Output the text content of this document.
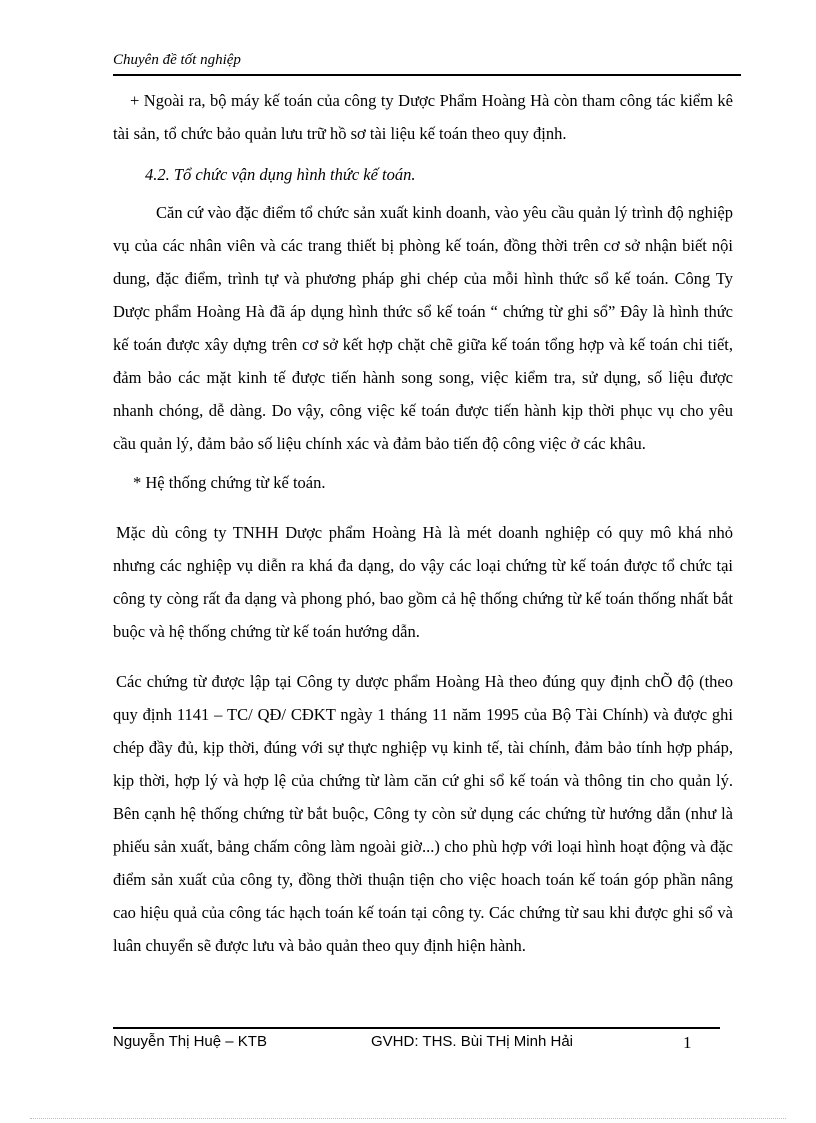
Chuyên đề tốt nghiệp

+ Ngoài ra, bộ máy kế toán của công ty Dược Phẩm Hoàng Hà còn tham công tác kiểm kê tài sản, tổ chức bảo quản lưu trữ hồ sơ tài liệu kế toán theo quy định.

4.2. Tổ chức vận dụng hình thức kế toán.

Căn cứ vào đặc điểm tổ chức sản xuất kinh doanh, vào yêu cầu quản lý trình độ nghiệp vụ của các nhân viên và các trang thiết bị phòng kế toán, đồng thời trên cơ sở nhận biết nội dung, đặc điểm, trình tự và phương pháp ghi chép của mỗi hình thức sổ kế toán. Công Ty Dược phẩm Hoàng Hà đã áp dụng hình thức sổ kế toán “ chứng từ ghi sổ” Đây là hình thức kế toán được xây dựng trên cơ sở kết hợp chặt chẽ giữa kế toán tổng hợp và kế toán chi tiết, đảm bảo các mặt kinh tế được tiến hành song song, việc kiểm tra, sử dụng, số liệu được nhanh chóng, dễ dàng. Do vậy, công việc kế toán được tiến hành kịp thời phục vụ cho yêu cầu quản lý, đảm bảo số liệu chính xác và đảm bảo tiến độ công việc ở các khâu.

* Hệ thống chứng từ kế toán.

Mặc dù công ty TNHH Dược phẩm Hoàng Hà là mét doanh nghiệp có quy mô khá nhỏ nhưng các nghiệp vụ diễn ra khá đa dạng, do vậy các loại chứng từ kế toán được tổ chức tại công ty còng rất đa dạng và phong phó, bao gồm cả hệ thống chứng từ kế toán thống nhất bắt buộc và hệ thống chứng từ kế toán hướng dẫn.

Các chứng từ được lập tại Công ty dược phẩm Hoàng Hà theo đúng quy định chÕ độ (theo quy định 1141 – TC/ QĐ/ CĐKT ngày 1 tháng 11 năm 1995 của Bộ Tài Chính) và được ghi chép đầy đủ, kịp thời, đúng với sự thực nghiệp vụ kinh tế, tài chính, đảm bảo tính hợp pháp, kịp thời, hợp lý và hợp lệ của chứng từ làm căn cứ ghi sổ kế toán và thông tin cho quản lý. Bên cạnh hệ thống chứng từ bắt buộc, Công ty còn sử dụng các chứng từ hướng dẫn (như là phiếu sản xuất, bảng chấm công làm ngoài giờ...) cho phù hợp với loại hình hoạt động và đặc điểm sản xuất của công ty, đồng thời thuận tiện cho việc hoach toán kế toán góp phần nâng cao hiệu quả của công tác hạch toán kế toán tại công ty. Các chứng từ sau khi được ghi sổ và luân chuyển sẽ được lưu và bảo quản theo quy định hiện hành.

Nguyễn Thị Huệ – KTB	GVHD: THS. Bùi THị Minh Hải	1
